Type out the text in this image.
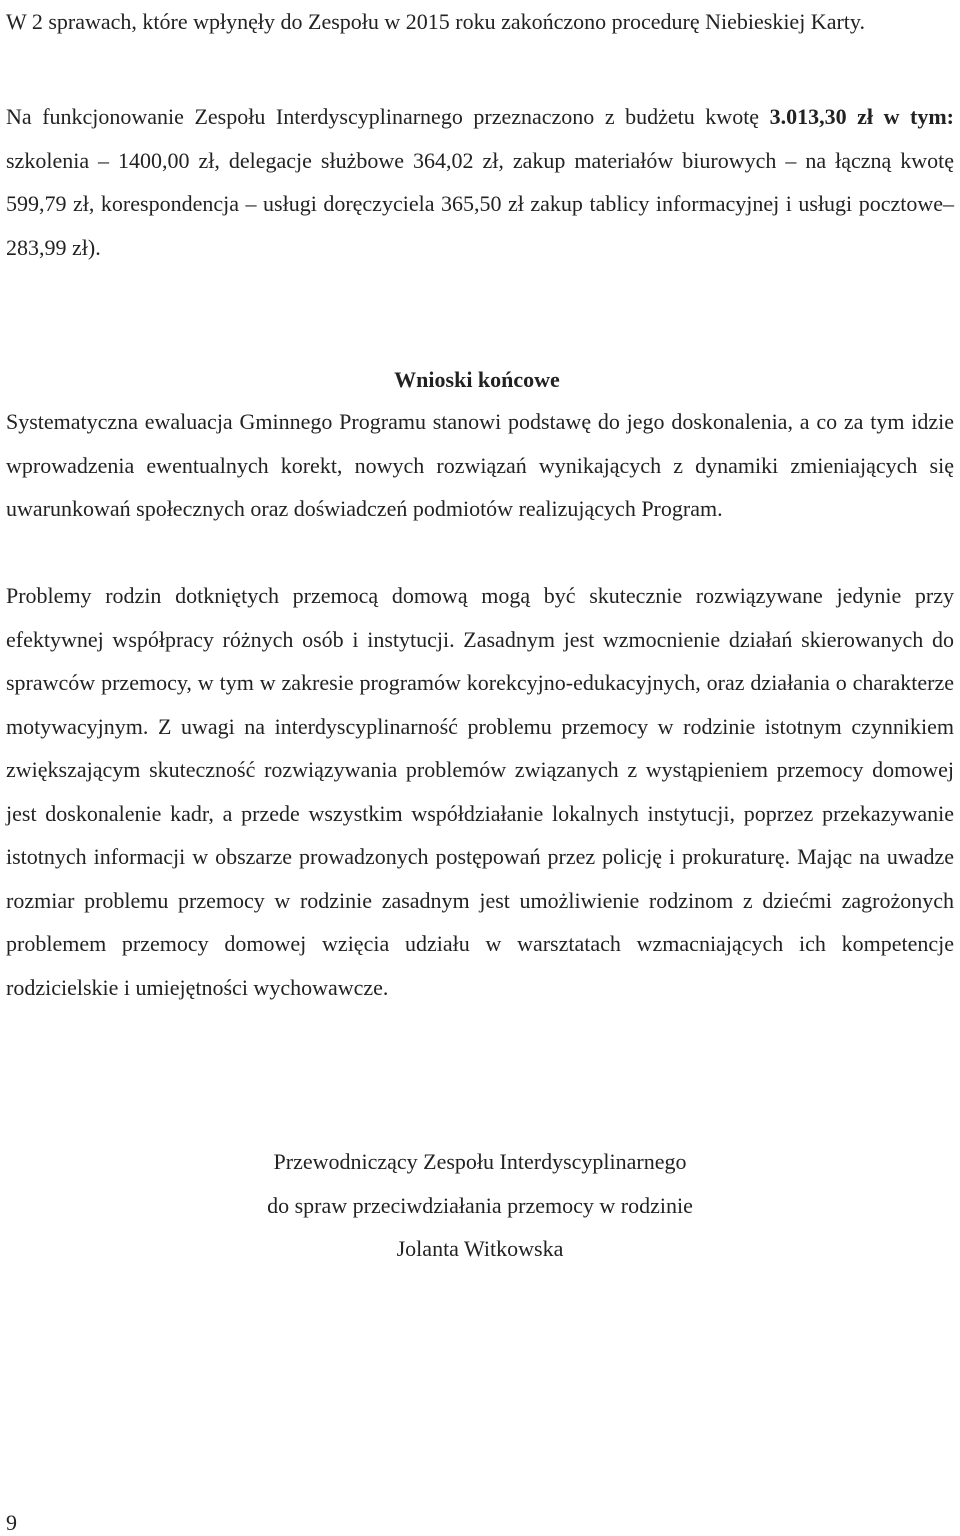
W 2 sprawach, które wpłynęły do Zespołu w 2015 roku zakończono procedurę Niebieskiej Karty.

Na funkcjonowanie Zespołu Interdyscyplinarnego przeznaczono z budżetu kwotę 3.013,30 zł w tym: szkolenia – 1400,00 zł, delegacje służbowe 364,02 zł, zakup materiałów biurowych – na łączną kwotę 599,79 zł, korespondencja – usługi doręczyciela 365,50 zł zakup tablicy informacyjnej i usługi pocztowe– 283,99 zł).

Wnioski końcowe

Systematyczna ewaluacja Gminnego Programu stanowi podstawę do jego doskonalenia, a co za tym idzie wprowadzenia ewentualnych korekt, nowych rozwiązań wynikających z dynamiki zmieniających się uwarunkowań społecznych oraz doświadczeń podmiotów realizujących Program.

Problemy rodzin dotkniętych przemocą domową mogą być skutecznie rozwiązywane jedynie przy efektywnej współpracy różnych osób i instytucji. Zasadnym jest wzmocnienie działań skierowanych do sprawców przemocy, w tym w zakresie programów korekcyjno-edukacyjnych, oraz działania o charakterze motywacyjnym. Z uwagi na interdyscyplinarność problemu przemocy w rodzinie istotnym czynnikiem zwiększającym skuteczność rozwiązywania problemów związanych z wystąpieniem przemocy domowej jest doskonalenie kadr, a przede wszystkim współdziałanie lokalnych instytucji, poprzez przekazywanie istotnych informacji w obszarze prowadzonych postępowań przez policję i prokuraturę. Mając na uwadze rozmiar problemu przemocy w rodzinie zasadnym jest umożliwienie rodzinom z dziećmi zagrożonych problemem przemocy domowej wzięcia udziału w warsztatach wzmacniających ich kompetencje rodzicielskie i umiejętności wychowawcze.

Przewodniczący Zespołu Interdyscyplinarnego
do spraw przeciwdziałania przemocy w rodzinie
Jolanta Witkowska
9
